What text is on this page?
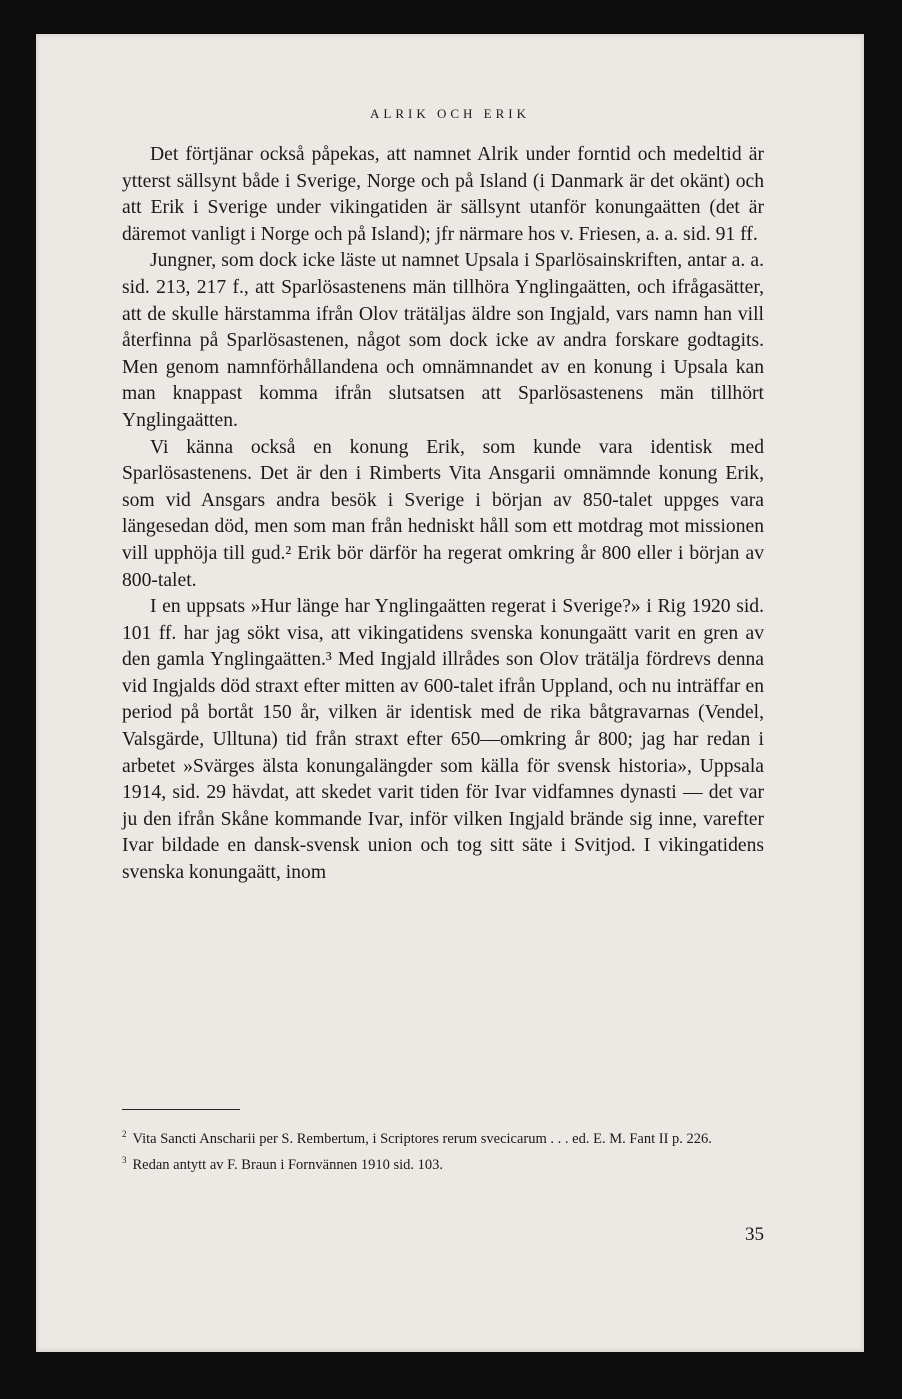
ALRIK OCH ERIK

Det förtjänar också påpekas, att namnet Alrik under forntid och medeltid är ytterst sällsynt både i Sverige, Norge och på Island (i Danmark är det okänt) och att Erik i Sverige under vikingatiden är sällsynt utanför konungaätten (det är däremot vanligt i Norge och på Island); jfr närmare hos v. Friesen, a. a. sid. 91 ff.

Jungner, som dock icke läste ut namnet Upsala i Sparlösainskriften, antar a. a. sid. 213, 217 f., att Sparlösastenens män tillhöra Ynglingaätten, och ifrågasätter, att de skulle härstamma ifrån Olov trätäljas äldre son Ingjald, vars namn han vill återfinna på Sparlösastenen, något som dock icke av andra forskare godtagits. Men genom namnförhållandena och omnämnandet av en konung i Upsala kan man knappast komma ifrån slutsatsen att Sparlösastenens män tillhört Ynglingaätten.

Vi känna också en konung Erik, som kunde vara identisk med Sparlösastenens. Det är den i Rimberts Vita Ansgarii omnämnde konung Erik, som vid Ansgars andra besök i Sverige i början av 850-talet uppges vara längesedan död, men som man från hedniskt håll som ett motdrag mot missionen vill upphöja till gud.² Erik bör därför ha regerat omkring år 800 eller i början av 800-talet.

I en uppsats »Hur länge har Ynglingaätten regerat i Sverige?» i Rig 1920 sid. 101 ff. har jag sökt visa, att vikingatidens svenska konungaätt varit en gren av den gamla Ynglingaätten.³ Med Ingjald illrådes son Olov trätälja fördrevs denna vid Ingjalds död straxt efter mitten av 600-talet ifrån Uppland, och nu inträffar en period på bortåt 150 år, vilken är identisk med de rika båtgravarnas (Vendel, Valsgärde, Ulltuna) tid från straxt efter 650—omkring år 800; jag har redan i arbetet »Svärges älsta konungalängder som källa för svensk historia», Uppsala 1914, sid. 29 hävdat, att skedet varit tiden för Ivar vidfamnes dynasti — det var ju den ifrån Skåne kommande Ivar, inför vilken Ingjald brände sig inne, varefter Ivar bildade en dansk-svensk union och tog sitt säte i Svitjod. I vikingatidens svenska konungaätt, inom

$^2$ Vita Sancti Anscharii per S. Rembertum, i Scriptores rerum svecicarum . . . ed. E. M. Fant II p. 226.

$^3$ Redan antytt av F. Braun i Fornvännen 1910 sid. 103.

35
